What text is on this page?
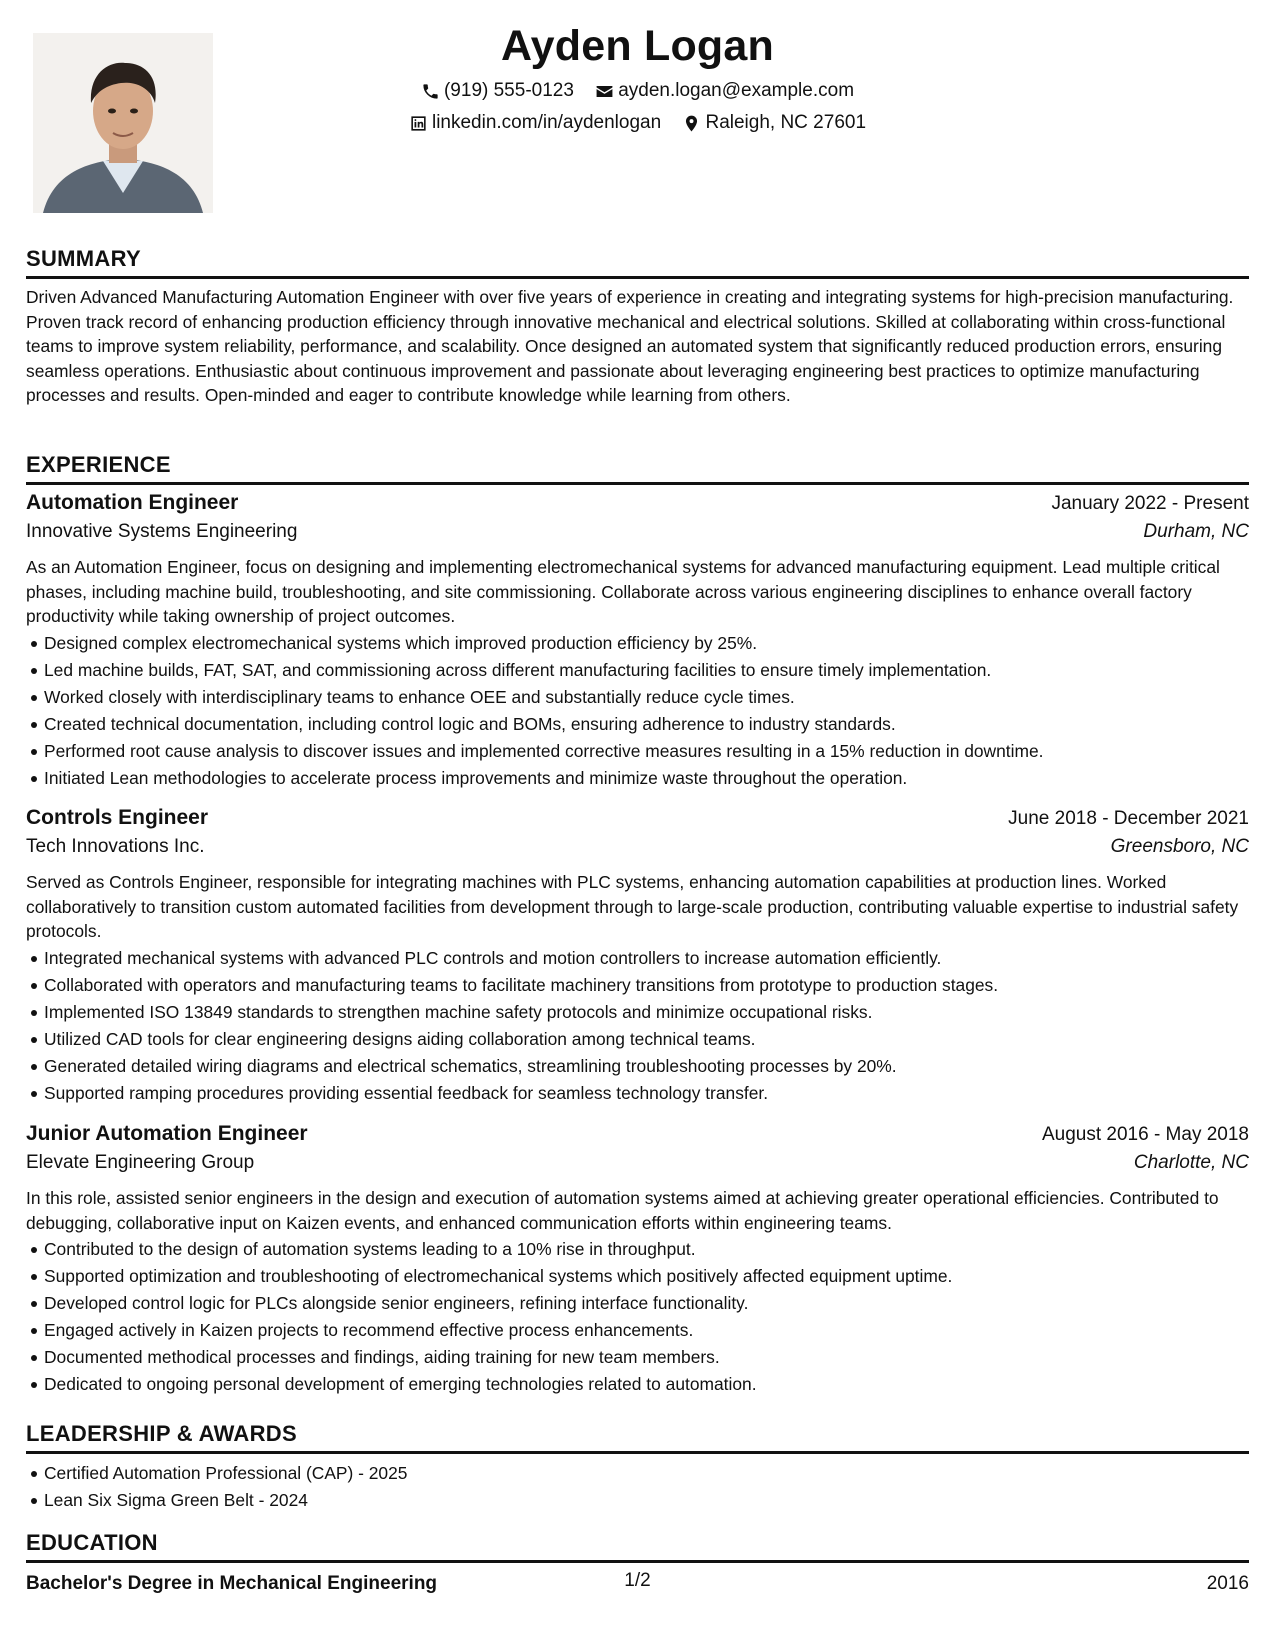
Ayden Logan
(919) 555-0123
ayden.logan@example.com
linkedin.com/in/aydenlogan
Raleigh, NC 27601
SUMMARY
Driven Advanced Manufacturing Automation Engineer with over five years of experience in creating and integrating systems for high-precision manufacturing. Proven track record of enhancing production efficiency through innovative mechanical and electrical solutions. Skilled at collaborating within cross-functional teams to improve system reliability, performance, and scalability. Once designed an automated system that significantly reduced production errors, ensuring seamless operations. Enthusiastic about continuous improvement and passionate about leveraging engineering best practices to optimize manufacturing processes and results. Open-minded and eager to contribute knowledge while learning from others.
EXPERIENCE
Automation Engineer	January 2022 - Present
Innovative Systems Engineering	Durham, NC
As an Automation Engineer, focus on designing and implementing electromechanical systems for advanced manufacturing equipment. Lead multiple critical phases, including machine build, troubleshooting, and site commissioning. Collaborate across various engineering disciplines to enhance overall factory productivity while taking ownership of project outcomes.
Designed complex electromechanical systems which improved production efficiency by 25%.
Led machine builds, FAT, SAT, and commissioning across different manufacturing facilities to ensure timely implementation.
Worked closely with interdisciplinary teams to enhance OEE and substantially reduce cycle times.
Created technical documentation, including control logic and BOMs, ensuring adherence to industry standards.
Performed root cause analysis to discover issues and implemented corrective measures resulting in a 15% reduction in downtime.
Initiated Lean methodologies to accelerate process improvements and minimize waste throughout the operation.
Controls Engineer	June 2018 - December 2021
Tech Innovations Inc.	Greensboro, NC
Served as Controls Engineer, responsible for integrating machines with PLC systems, enhancing automation capabilities at production lines. Worked collaboratively to transition custom automated facilities from development through to large-scale production, contributing valuable expertise to industrial safety protocols.
Integrated mechanical systems with advanced PLC controls and motion controllers to increase automation efficiently.
Collaborated with operators and manufacturing teams to facilitate machinery transitions from prototype to production stages.
Implemented ISO 13849 standards to strengthen machine safety protocols and minimize occupational risks.
Utilized CAD tools for clear engineering designs aiding collaboration among technical teams.
Generated detailed wiring diagrams and electrical schematics, streamlining troubleshooting processes by 20%.
Supported ramping procedures providing essential feedback for seamless technology transfer.
Junior Automation Engineer	August 2016 - May 2018
Elevate Engineering Group	Charlotte, NC
In this role, assisted senior engineers in the design and execution of automation systems aimed at achieving greater operational efficiencies. Contributed to debugging, collaborative input on Kaizen events, and enhanced communication efforts within engineering teams.
Contributed to the design of automation systems leading to a 10% rise in throughput.
Supported optimization and troubleshooting of electromechanical systems which positively affected equipment uptime.
Developed control logic for PLCs alongside senior engineers, refining interface functionality.
Engaged actively in Kaizen projects to recommend effective process enhancements.
Documented methodical processes and findings, aiding training for new team members.
Dedicated to ongoing personal development of emerging technologies related to automation.
LEADERSHIP & AWARDS
Certified Automation Professional (CAP) - 2025
Lean Six Sigma Green Belt - 2024
EDUCATION
Bachelor's Degree in Mechanical Engineering	2016
1/2
